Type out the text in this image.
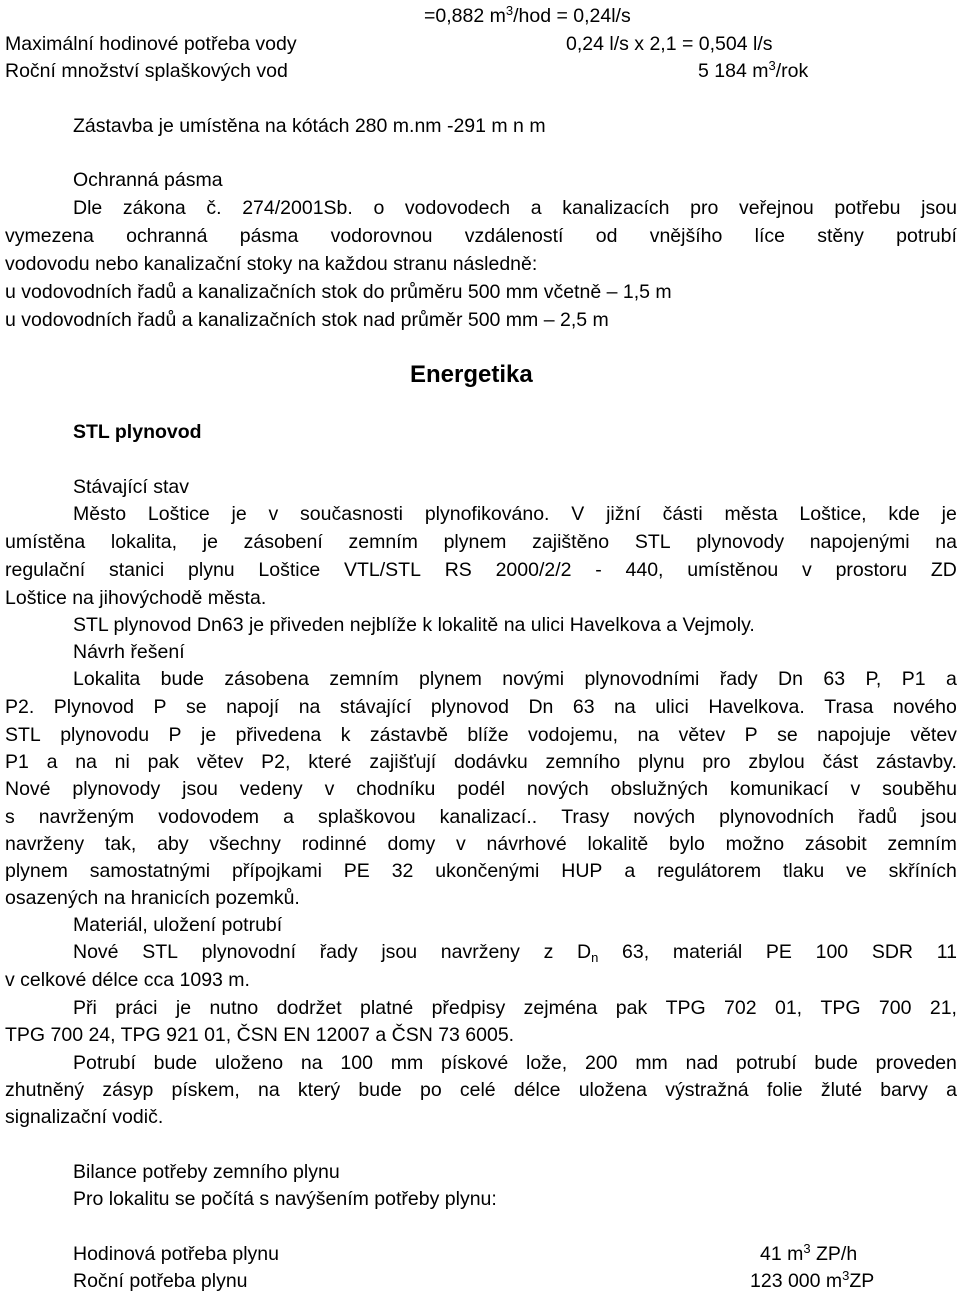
=0,882 $m^3$/hod = 0,24l/s
Maximální hodinové potřeba vody	0,24 l/s x 2,1 = 0,504 l/s
Roční množství splaškových vod	5 184 $m^3$/rok
Zástavba je umístěna na kótách 280 m.nm -291 m n m
Ochranná pásma
Dle zákona č. 274/2001Sb. o vodovodech a kanalizacích pro veřejnou potřebu jsou
vymezena ochranná pásma vodorovnou vzdáleností od vnějšího líce stěny potrubí
vodovodu nebo kanalizační stoky na každou stranu následně:
u vodovodních řadů a kanalizačních stok do průměru 500 mm včetně – 1,5 m
u vodovodních řadů a kanalizačních stok nad průměr 500 mm – 2,5 m
Energetika
STL plynovod
Stávající stav
Město Loštice je v současnosti plynofikováno. V jižní části města Loštice, kde je
umístěna lokalita, je zásobení zemním plynem zajištěno STL plynovody napojenými na
regulační stanici plynu Loštice VTL/STL RS 2000/2/2 - 440, umístěnou v prostoru ZD
Loštice na jihovýchodě města.
STL plynovod Dn63 je přiveden nejblíže k lokalitě na ulici Havelkova a Vejmoly.
Návrh řešení
Lokalita bude zásobena zemním plynem novými plynovodními řady Dn 63 P, P1 a
P2. Plynovod P se napojí na stávající plynovod Dn 63 na ulici Havelkova. Trasa nového
STL plynovodu P je přivedena k zástavbě blíže vodojemu, na větev P se napojuje větev
P1 a na ni pak větev P2, které zajišťují dodávku zemního plynu pro zbylou část zástavby.
Nové plynovody jsou vedeny v chodníku podél nových obslužných komunikací v souběhu
s navrženým vodovodem a splаškovou kanalizací.. Trasy nových plynovodních řadů jsou
navrženy tak, aby všechny rodinné domy v návrhové lokalitě bylo možno zásobit zemním
plynem samostatnými přípojkami PE 32 ukončenými HUP a regulátorem tlaku ve skříních
osazených na hranicích pozemků.
Materiál, uložení potrubí
Nové STL plynovodní řady jsou navrženy z $D_n$ 63, materiál PE 100 SDR 11
v celkové délce cca 1093 m.
Při práci je nutno dodržet platné předpisy zejména pak TPG 702 01, TPG 700 21,
TPG 700 24, TPG 921 01, ČSN EN 12007 a ČSN 73 6005.
Potrubí bude uloženo na 100 mm pískové lože, 200 mm nad potrubí bude proveden
zhutněný zásyp pískem, na který bude po celé délce uložena výstražná folie žluté barvy a
signalizační vodič.
Bilance potřeby zemního plynu
Pro lokalitu se počítá s navýšením potřeby plynu:
Hodinová potřeba plynu	41 $m^3$ ZP/h
Roční potřeba plynu	123 000 $m^3ZP$
